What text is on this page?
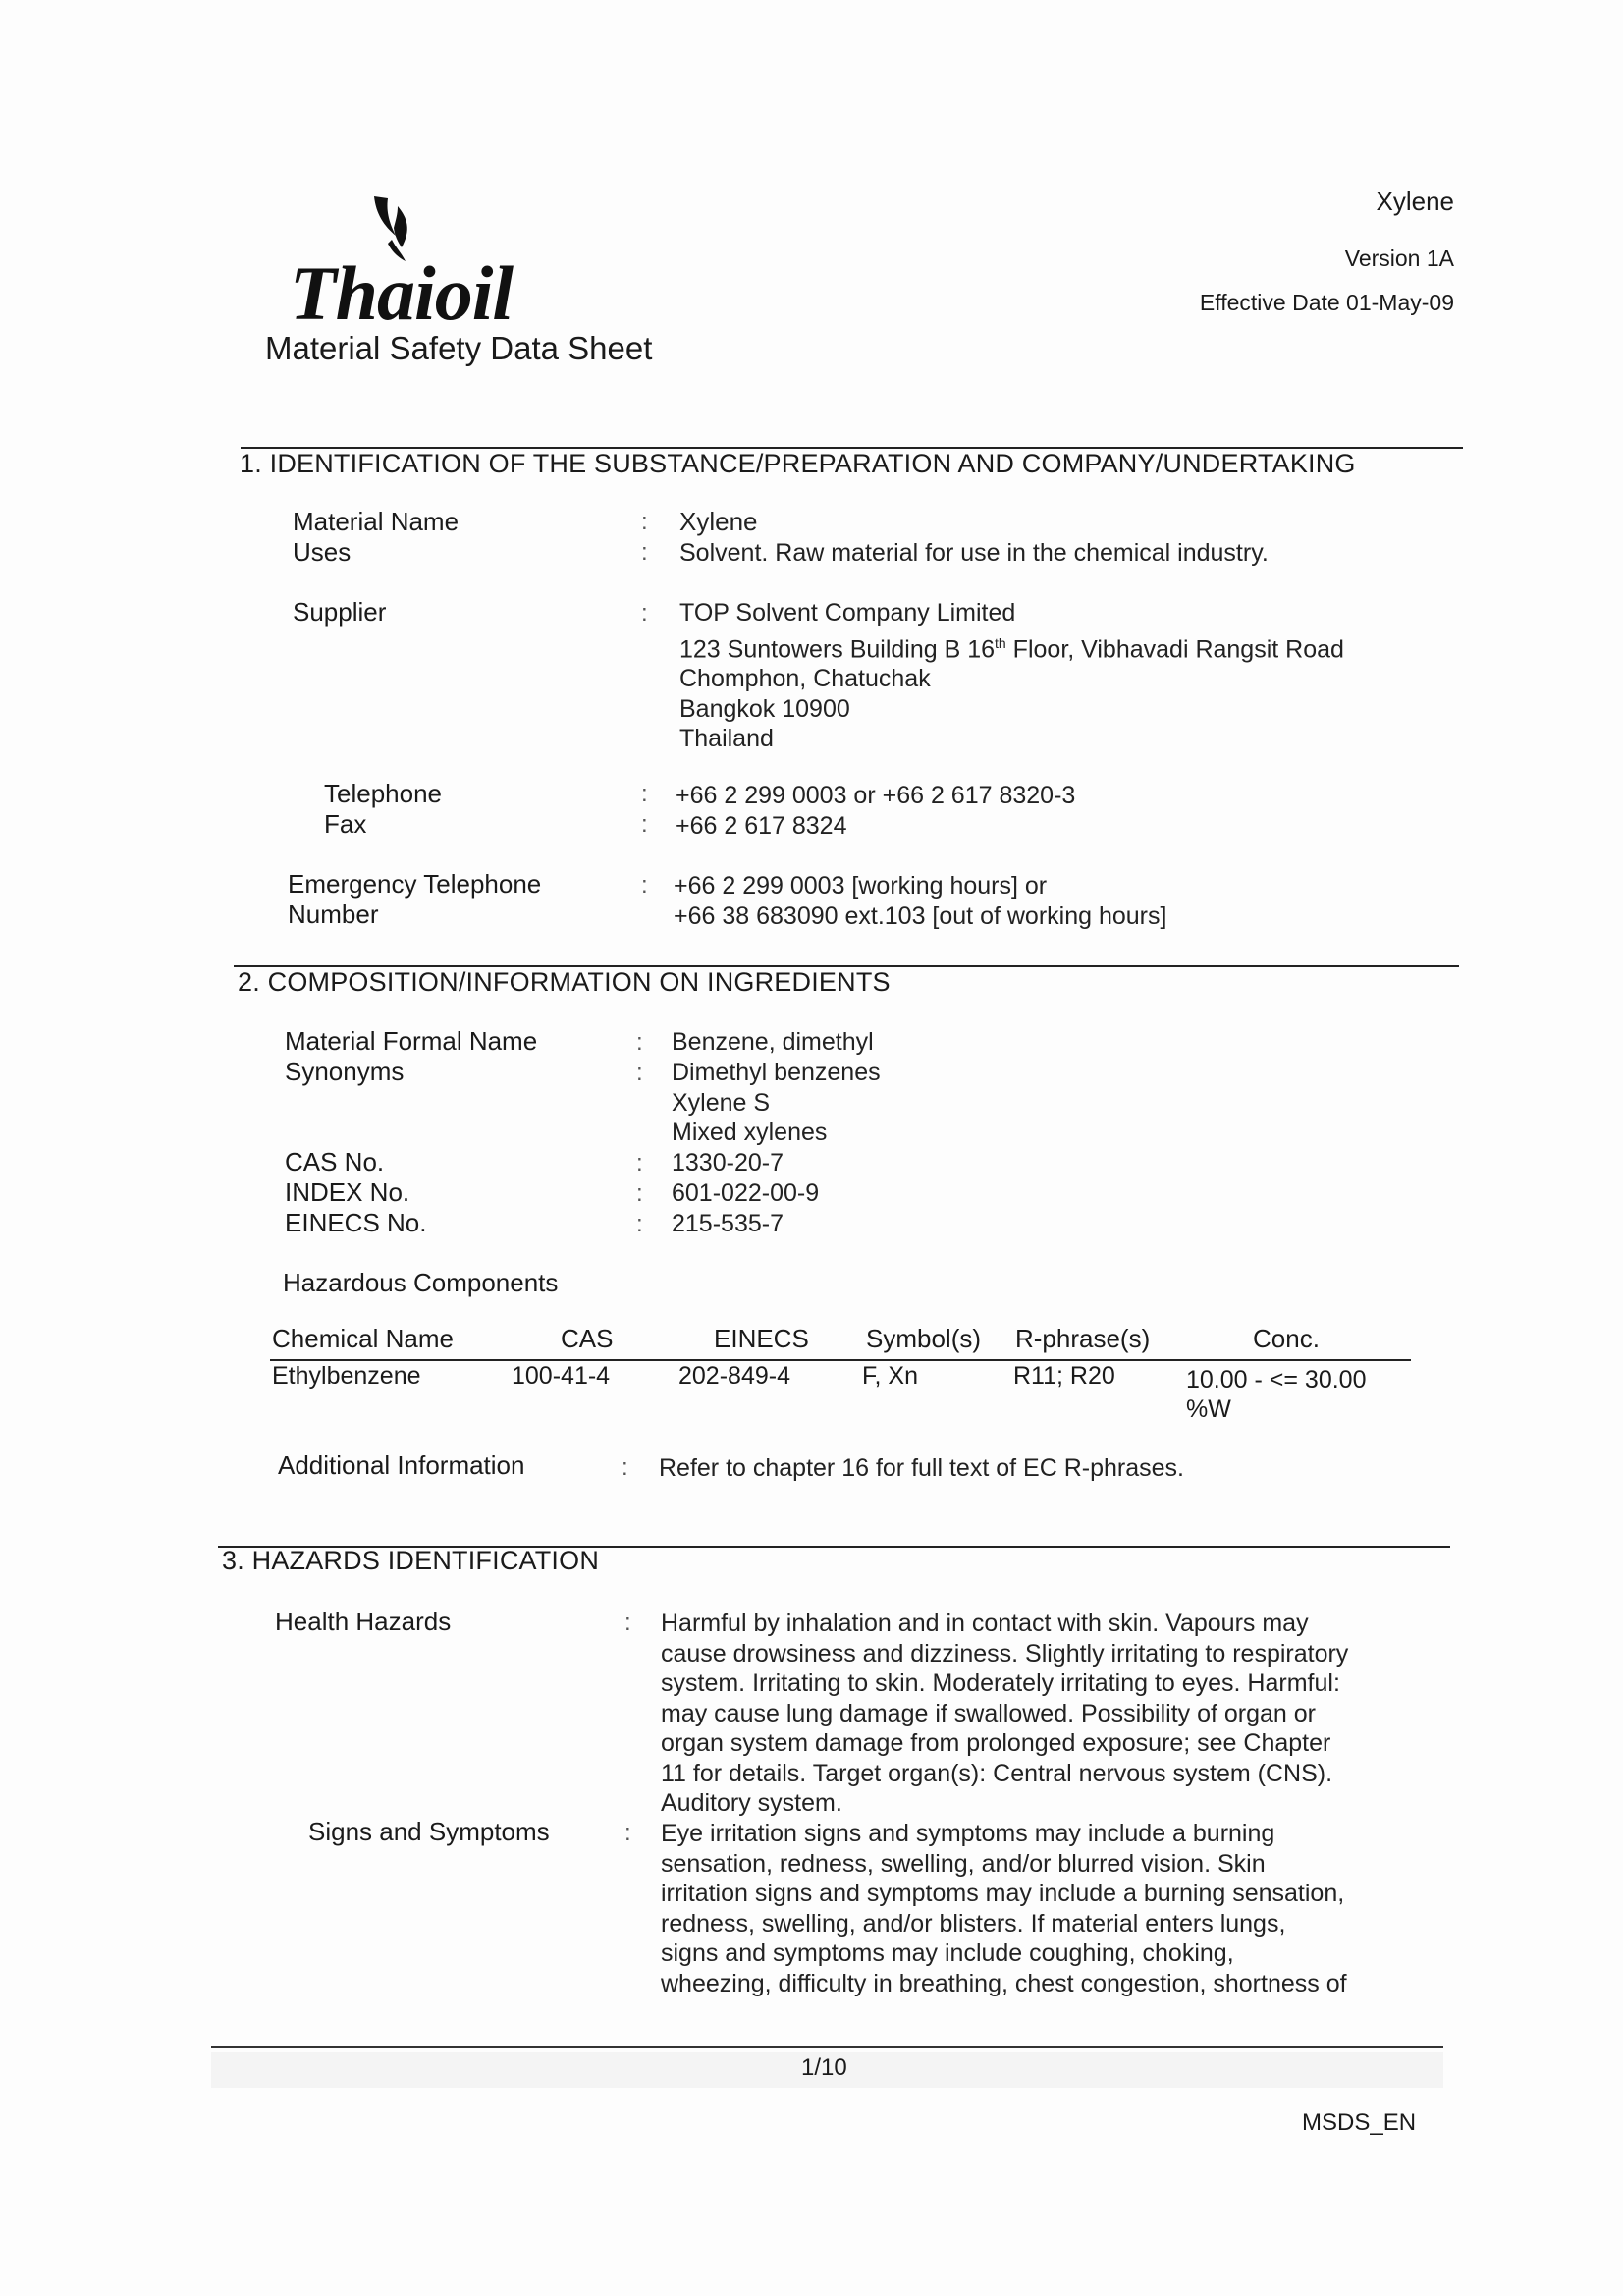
Thaioil
Material Safety Data Sheet
Xylene
Version 1A
Effective Date 01-May-09
1. IDENTIFICATION OF THE SUBSTANCE/PREPARATION AND COMPANY/UNDERTAKING
Material Name	: Xylene
Uses	: Solvent. Raw material for use in the chemical industry.
Supplier	: TOP Solvent Company Limited

123 Suntowers Building B 16th Floor, Vibhavadi Rangsit Road

Chomphon, Chatuchak

Bangkok 10900

Thailand

Telephone	: +66 2 299 0003 or +66 2 617 8320-3
Fax	: +66 2 617 8324
Emergency Telephone
Number
: +66 2 299 0003 [working hours] or

+66 38 683090 ext.103 [out of working hours]

2. COMPOSITION/INFORMATION ON INGREDIENTS
Material Formal Name	: Benzene, dimethyl
Synonyms	: Dimethyl benzenes

Xylene S

Mixed xylenes

CAS No.	: 1330-20-7
INDEX No.	: 601-022-00-9
EINECS No.	: 215-535-7
Hazardous Components
Chemical Name	CAS	EINECS Symbol(s) R-phrase(s)	Conc.
Ethylbenzene	100-41-4	202-849-4	F, Xn	R11; R20	10.00 - <= 30.00
%W
Additional Information	: Refer to chapter 16 for full text of EC R-phrases.
3. HAZARDS IDENTIFICATION
Health Hazards	: Harmful by inhalation and in contact with skin. Vapours may

cause drowsiness and dizziness. Slightly irritating to respiratory

system. Irritating to skin. Moderately irritating to eyes. Harmful:

may cause lung damage if swallowed. Possibility of organ or

organ system damage from prolonged exposure; see Chapter

11 for details. Target organ(s): Central nervous system (CNS).

Auditory system.

Signs and Symptoms	: Eye irritation signs and symptoms may include a burning

sensation, redness, swelling, and/or blurred vision. Skin

irritation signs and symptoms may include a burning sensation,

redness, swelling, and/or blisters. If material enters lungs,

signs and symptoms may include coughing, choking,

wheezing, difficulty in breathing, chest congestion, shortness of

1/10
MSDS_EN
